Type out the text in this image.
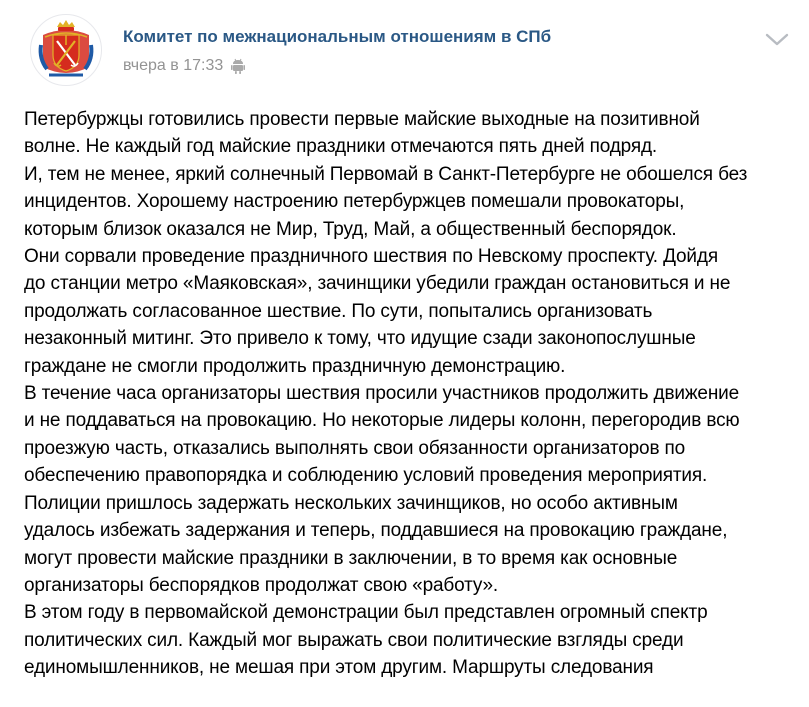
Комитет по межнациональным отношениям в СПб
вчера в 17:33
Петербуржцы готовились провести первые майские выходные на позитивной
волне. Не каждый год майские праздники отмечаются пять дней подряд.
И, тем не менее, яркий солнечный Первомай в Санкт-Петербурге не обошелся без
инцидентов. Хорошему настроению петербуржцев помешали провокаторы,
которым близок оказался не Мир, Труд, Май, а общественный беспорядок.
Они сорвали проведение праздничного шествия по Невскому проспекту. Дойдя
до станции метро «Маяковская», зачинщики убедили граждан остановиться и не
продолжать согласованное шествие. По сути, попытались организовать
незаконный митинг. Это привело к тому, что идущие сзади законопослушные
граждане не смогли продолжить праздничную демонстрацию.
В течение часа организаторы шествия просили участников продолжить движение
и не поддаваться на провокацию. Но некоторые лидеры колонн, перегородив всю
проезжую часть, отказались выполнять свои обязанности организаторов по
обеспечению правопорядка и соблюдению условий проведения мероприятия.
Полиции пришлось задержать нескольких зачинщиков, но особо активным
удалось избежать задержания и теперь, поддавшиеся на провокацию граждане,
могут провести майские праздники в заключении, в то время как основные
организаторы беспорядков продолжат свою «работу».
В этом году в первомайской демонстрации был представлен огромный спектр
политических сил. Каждый мог выражать свои политические взгляды среди
единомышленников, не мешая при этом другим. Маршруты следования
